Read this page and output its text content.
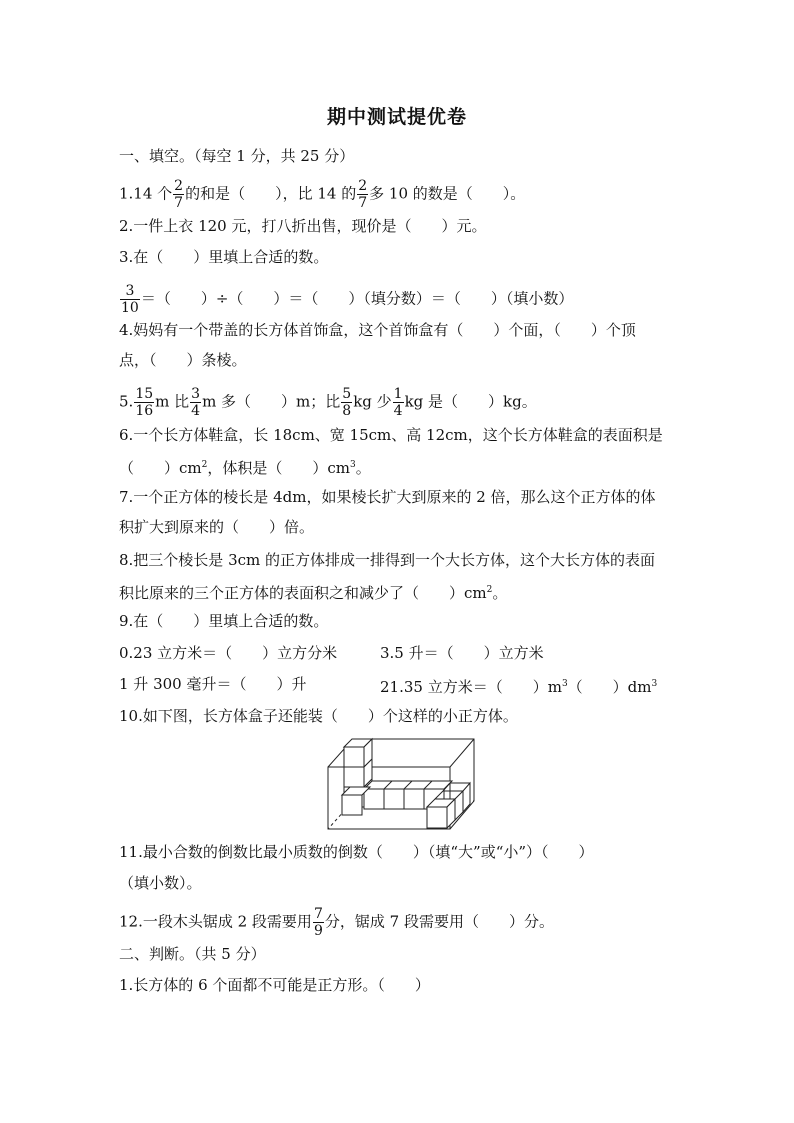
期中测试提优卷
一、填空。（每空 1 分，共 25 分）
1.14 个 $\frac{2}{7}$ 的和是（　　），比 14 的 $\frac{2}{7}$ 多 10 的数是（　　）。
2.一件上衣 120 元，打八折出售，现价是（　　）元。
3.在（　　）里填上合适的数。
$\frac{3}{10}$ ＝（　　）÷（　　）＝（　　）（填分数）＝（　　）（填小数）
4.妈妈有一个带盖的长方体首饰盒，这个首饰盒有（　　）个面，（　　）个顶
点，（　　）条棱。
5. $\frac{15}{16}$ m 比 $\frac{3}{4}$ m 多（　　）m；比 $\frac{5}{8}$ kg 少 $\frac{1}{4}$ kg 是（　　）kg。
6.一个长方体鞋盒，长 18cm、宽 15cm、高 12cm，这个长方体鞋盒的表面积是
（　　）$cm^2$，体积是（　　）$cm^3$。
7.一个正方体的棱长是 4dm，如果棱长扩大到原来的 2 倍，那么这个正方体的体
积扩大到原来的（　　）倍。
8.把三个棱长是 3cm 的正方体排成一排得到一个大长方体，这个大长方体的表面
积比原来的三个正方体的表面积之和减少了（　　）$cm^2$。
9.在（　　）里填上合适的数。
0.23 立方米＝（　　）立方分米	3.5 升＝（　　）立方米
1 升 300 毫升＝（　　）升	21.35 立方米＝（　　）$m^3$（　　）$dm^3$
10.如下图，长方体盒子还能装（　　）个这样的小正方体。
11.最小合数的倒数比最小质数的倒数（　　）（填“大”或“小”）（　　）
（填小数）。
12.一段木头锯成 2 段需要用 $\frac{7}{9}$ 分，锯成 7 段需要用（　　）分。
二、判断。（共 5 分）
1.长方体的 6 个面都不可能是正方形。（　　）
